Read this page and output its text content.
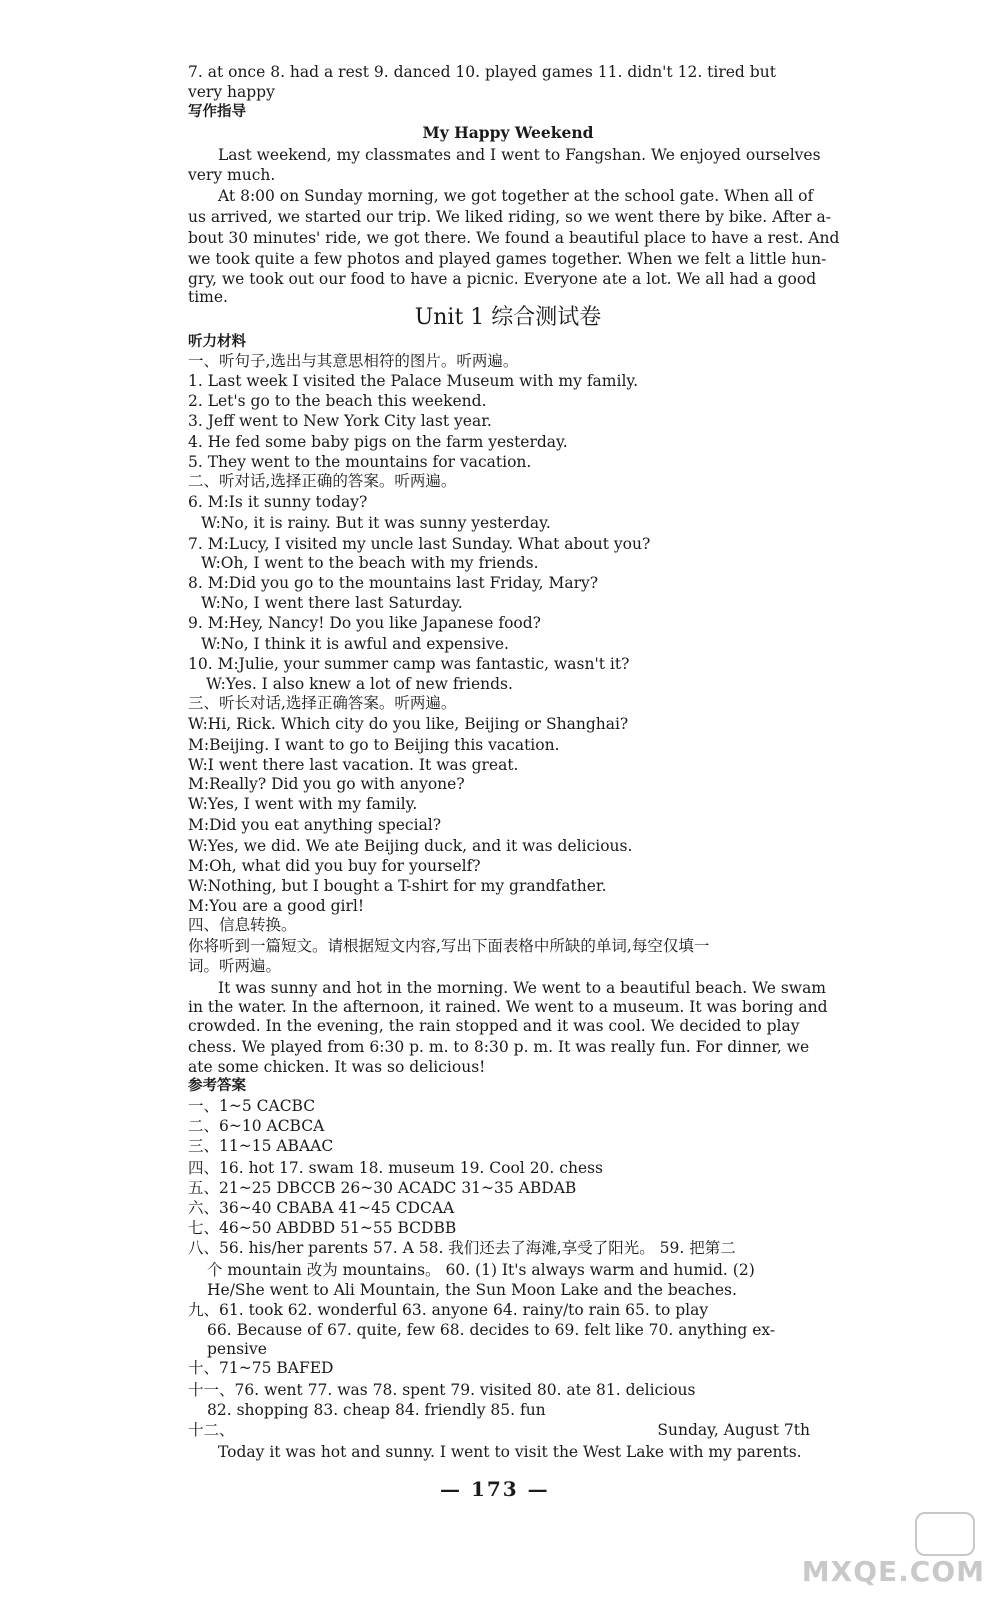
7. at once 8. had a rest 9. danced 10. played games 11. didn't 12. tired but

very happy

写作指导

My Happy Weekend

Last weekend, my classmates and I went to Fangshan. We enjoyed ourselves

very much.

At 8:00 on Sunday morning, we got together at the school gate. When all of

us arrived, we started our trip. We liked riding, so we went there by bike. After a-

bout 30 minutes' ride, we got there. We found a beautiful place to have a rest. And

we took quite a few photos and played games together. When we felt a little hun-

gry, we took out our food to have a picnic. Everyone ate a lot. We all had a good

time.

Unit 1 综合测试卷

听力材料

一、听句子,选出与其意思相符的图片。听两遍。

1. Last week I visited the Palace Museum with my family.

2. Let's go to the beach this weekend.

3. Jeff went to New York City last year.

4. He fed some baby pigs on the farm yesterday.

5. They went to the mountains for vacation.

二、听对话,选择正确的答案。听两遍。

6. M:Is it sunny today?

W:No, it is rainy. But it was sunny yesterday.

7. M:Lucy, I visited my uncle last Sunday. What about you?

W:Oh, I went to the beach with my friends.

8. M:Did you go to the mountains last Friday, Mary?

W:No, I went there last Saturday.

9. M:Hey, Nancy! Do you like Japanese food?

W:No, I think it is awful and expensive.

10. M:Julie, your summer camp was fantastic, wasn't it?

W:Yes. I also knew a lot of new friends.

三、听长对话,选择正确答案。听两遍。

W:Hi, Rick. Which city do you like, Beijing or Shanghai?

M:Beijing. I want to go to Beijing this vacation.

W:I went there last vacation. It was great.

M:Really? Did you go with anyone?

W:Yes, I went with my family.

M:Did you eat anything special?

W:Yes, we did. We ate Beijing duck, and it was delicious.

M:Oh, what did you buy for yourself?

W:Nothing, but I bought a T-shirt for my grandfather.

M:You are a good girl!

四、信息转换。

你将听到一篇短文。请根据短文内容,写出下面表格中所缺的单词,每空仅填一

词。听两遍。

It was sunny and hot in the morning. We went to a beautiful beach. We swam

in the water. In the afternoon, it rained. We went to a museum. It was boring and

crowded. In the evening, the rain stopped and it was cool. We decided to play

chess. We played from 6:30 p. m. to 8:30 p. m. It was really fun. For dinner, we

ate some chicken. It was so delicious!

参考答案

一、1~5 CACBC

二、6~10 ACBCA

三、11~15 ABAAC

四、16. hot 17. swam 18. museum 19. Cool 20. chess

五、21~25 DBCCB 26~30 ACADC 31~35 ABDAB

六、36~40 CBABA 41~45 CDCAA

七、46~50 ABDBD 51~55 BCDBB

八、56. his/her parents 57. A 58. 我们还去了海滩,享受了阳光。 59. 把第二

个 mountain 改为 mountains。 60. (1) It's always warm and humid. (2)

He/She went to Ali Mountain, the Sun Moon Lake and the beaches.

九、61. took 62. wonderful 63. anyone 64. rainy/to rain 65. to play

66. Because of 67. quite, few 68. decides to 69. felt like 70. anything ex-

pensive

十、71~75 BAFED

十一、76. went 77. was 78. spent 79. visited 80. ate 81. delicious

82. shopping 83. cheap 84. friendly 85. fun

十二、	Sunday, August 7th

Today it was hot and sunny. I went to visit the West Lake with my parents.

— 173 —
MXQE.COM
